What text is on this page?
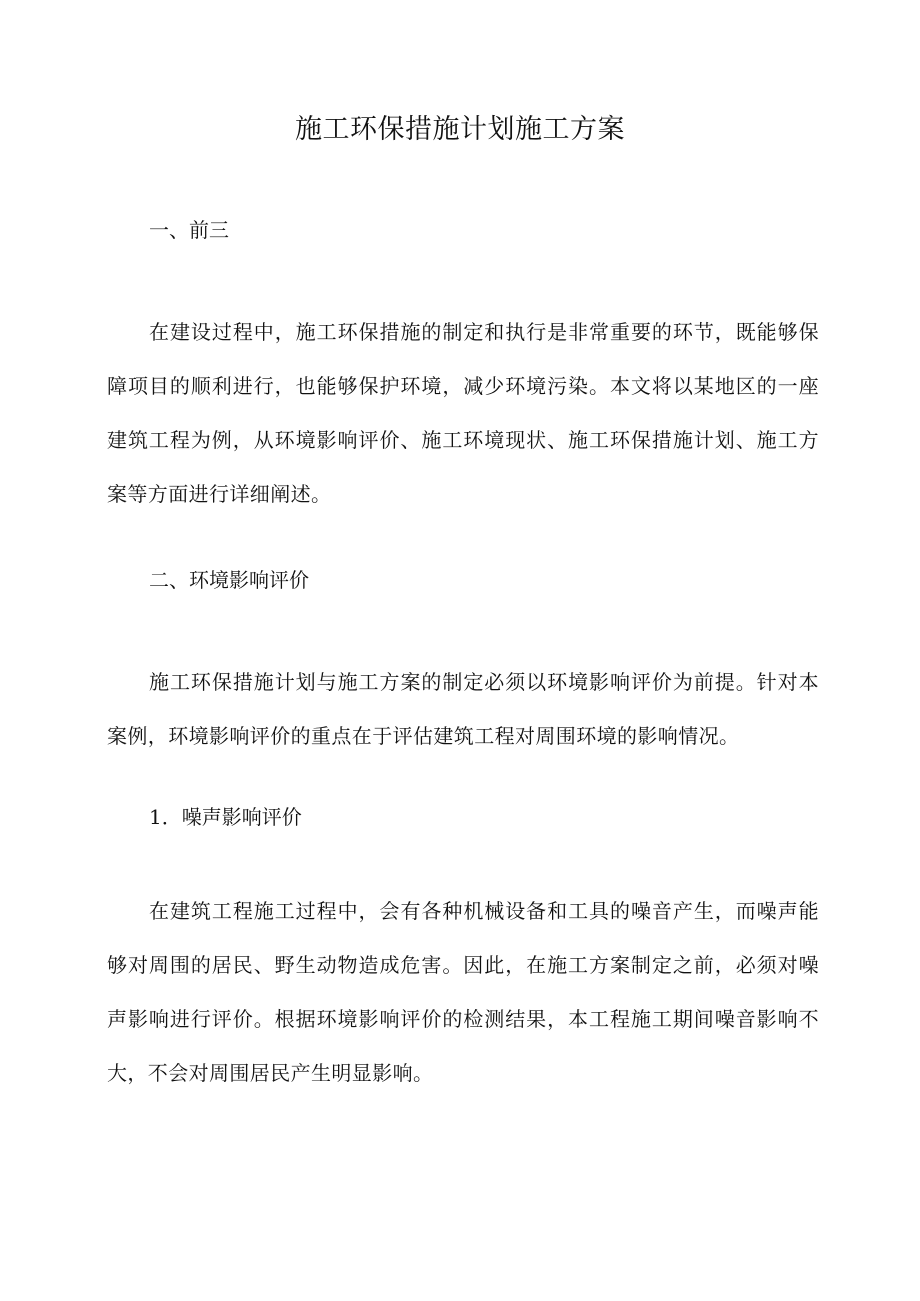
施工环保措施计划施工方案
一、前三

在建设过程中，施工环保措施的制定和执行是非常重要的环节，既能够保障项目的顺利进行，也能够保护环境，减少环境污染。本文将以某地区的一座建筑工程为例，从环境影响评价、施工环境现状、施工环保措施计划、施工方案等方面进行详细阐述。

二、环境影响评价

施工环保措施计划与施工方案的制定必须以环境影响评价为前提。针对本案例，环境影响评价的重点在于评估建筑工程对周围环境的影响情况。

1．噪声影响评价

在建筑工程施工过程中，会有各种机械设备和工具的噪音产生，而噪声能够对周围的居民、野生动物造成危害。因此，在施工方案制定之前，必须对噪声影响进行评价。根据环境影响评价的检测结果，本工程施工期间噪音影响不大，不会对周围居民产生明显影响。
